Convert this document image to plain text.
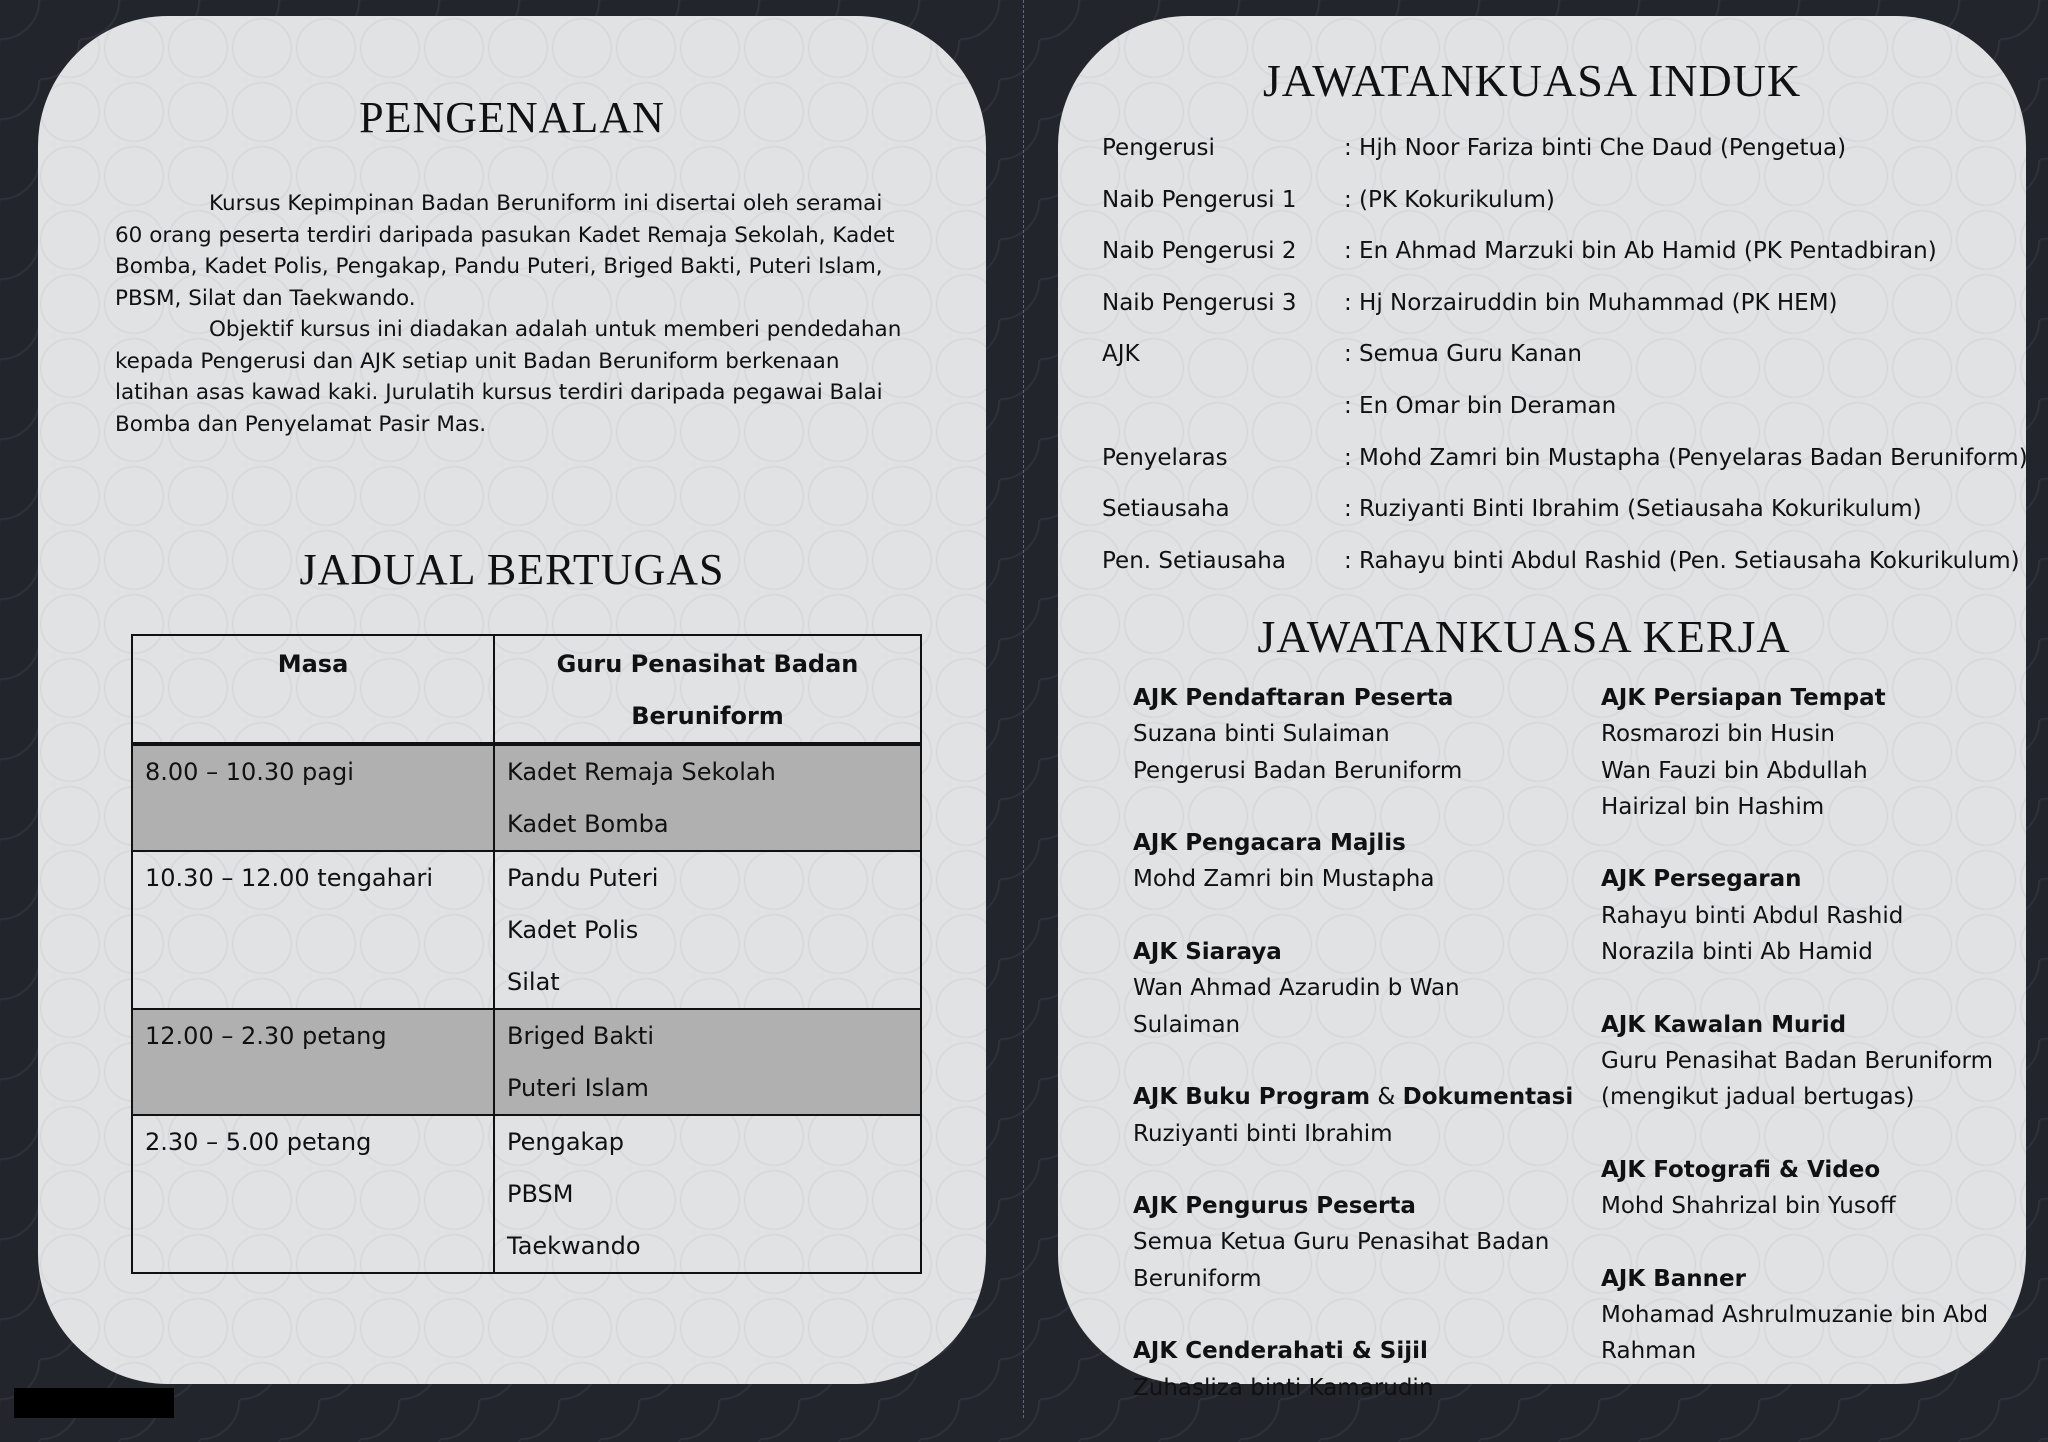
PENGENALAN

Kursus Kepimpinan Badan Beruniform ini disertai oleh seramai 60 orang peserta terdiri daripada pasukan Kadet Remaja Sekolah, Kadet Bomba, Kadet Polis, Pengakap, Pandu Puteri, Briged Bakti, Puteri Islam, PBSM, Silat dan Taekwando.

Objektif kursus ini diadakan adalah untuk memberi pendedahan kepada Pengerusi dan AJK setiap unit Badan Beruniform berkenaan latihan asas kawad kaki. Jurulatih kursus terdiri daripada pegawai Balai Bomba dan Penyelamat Pasir Mas.

JADUAL BERTUGAS
Masa	Guru Penasihat Badan Beruniform

8.00 – 10.30 pagi	Kadet Remaja Sekolah
Kadet Bomba

10.30 – 12.00 tengahari	Pandu Puteri
Kadet Polis
Silat

12.00 – 2.30 petang	Briged Bakti
Puteri Islam

2.30 – 5.00 petang	Pengakap
PBSM
Taekwando
JAWATANKUASA INDUK
Pengerusi	: Hjh Noor Fariza binti Che Daud (Pengetua)
Naib Pengerusi 1 : (PK Kokurikulum)
Naib Pengerusi 2 : En Ahmad Marzuki bin Ab Hamid (PK Pentadbiran)
Naib Pengerusi 3 : Hj Norzairuddin bin Muhammad (PK HEM)
AJK	: Semua Guru Kanan
: En Omar bin Deraman
Penyelaras	: Mohd Zamri bin Mustapha (Penyelaras Badan Beruniform)
Setiausaha	: Ruziyanti Binti Ibrahim (Setiausaha Kokurikulum)
Pen. Setiausaha	: Rahayu binti Abdul Rashid (Pen. Setiausaha Kokurikulum)
JAWATANKUASA KERJA
AJK Pendaftaran Peserta
Suzana binti Sulaiman
Pengerusi Badan Beruniform
AJK Pengacara Majlis
Mohd Zamri bin Mustapha
AJK Siaraya
Wan Ahmad Azarudin b Wan Sulaiman
AJK Buku Program & Dokumentasi
Ruziyanti binti Ibrahim
AJK Pengurus Peserta
Semua Ketua Guru Penasihat Badan
Beruniform
AJK Cenderahati & Sijil
Zuhasliza binti Kamarudin
AJK Persiapan Tempat
Rosmarozi bin Husin
Wan Fauzi bin Abdullah
Hairizal bin Hashim
AJK Persegaran
Rahayu binti Abdul Rashid
Norazila binti Ab Hamid
AJK Kawalan Murid
Guru Penasihat Badan Beruniform
(mengikut jadual bertugas)
AJK Fotografi & Video
Mohd Shahrizal bin Yusoff
AJK Banner
Mohamad Ashrulmuzanie bin Abd
Rahman
